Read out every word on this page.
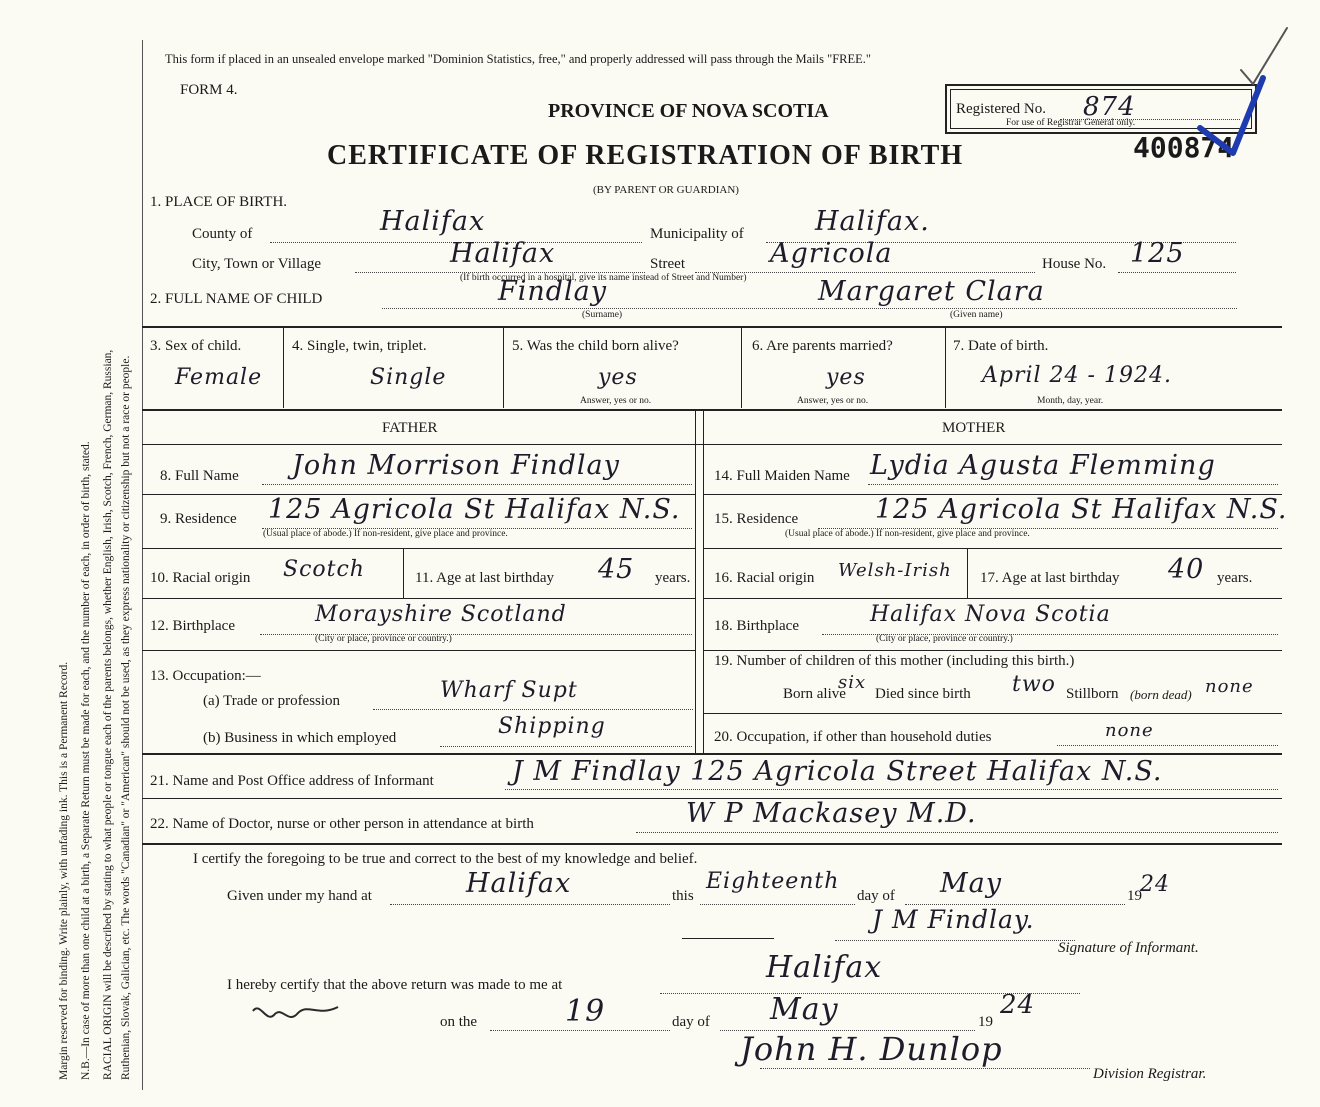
Margin reserved for binding. Write plainly, with unfading ink. This is a Permanent Record. N.B.—In case of more than one child at a birth, a Separate Return must be made for each, and the number of each, in order of birth, stated. RACIAL ORIGIN will be described by stating to what people or tongue each of the parents belongs, whether English, Irish, Scotch, French, German, Russian, Ruthenian, Slovak, Galician, etc. The words "Canadian" or "American" should not be used, as they express nationality or citizenship but not a race or people.
This form if placed in an unsealed envelope marked "Dominion Statistics, free," and properly addressed will pass through the Mails "FREE."
FORM 4.
PROVINCE OF NOVA SCOTIA
CERTIFICATE OF REGISTRATION OF BIRTH
(BY PARENT OR GUARDIAN)
Registered No. 874
For use of Registrar General only.
400874
1. PLACE OF BIRTH.
County of	Halifax	Municipality of	Halifax.
City, Town or Village	Halifax	Street	Agricola	House No. 125
(If birth occurred in a hospital, give its name instead of Street and Number)
2. FULL NAME OF CHILD	Findlay
(Surname)
Margaret Clara
(Given name)
3. Sex of child.
Female
4. Single, twin, triplet.
Single
5. Was the child born alive?
yes
Answer, yes or no.
6. Are parents married?
yes
Answer, yes or no.
7. Date of birth.
April 24 - 1924.
Month, day, year.
FATHER	MOTHER
8. Full Name John Morrison Findlay
9. Residence 125 Agricola St Halifax N.S.
(Usual place of abode.) If non-resident, give place and province.
10. Racial origin Scotch	11. Age at last birthday 45 years.
12. Birthplace	Morayshire Scotland
(City or place, province or country.)
13. Occupation:—
(a) Trade or profession	Wharf Supt
(b) Business in which employed	Shipping
14. Full Maiden Name Lydia Agusta Flemming
15. Residence	125 Agricola St Halifax N.S.
(Usual place of abode.) If non-resident, give place and province.
16. Racial origin Welsh-Irish 17. Age at last birthday 40 years.
18. Birthplace	Halifax Nova Scotia
(City or place, province or country.)
19. Number of children of this mother (including this birth.)
Born alive
six
Died since birth two Stillborn (born dead) none
20. Occupation, if other than household duties	none
21. Name and Post Office address of Informant	J M Findlay 125 Agricola Street Halifax N.S.
22. Name of Doctor, nurse or other person in attendance at birth	W P Mackasey M.D.
I certify the foregoing to be true and correct to the best of my knowledge and belief.
Given under my hand at	Halifax	this
Eighteenth
day of May	19
24
J M Findlay.
Signature of Informant.
I hereby certify that the above return was made to me at	Halifax
on the	19	day of May	19
24
John H. Dunlop
Division Registrar.
